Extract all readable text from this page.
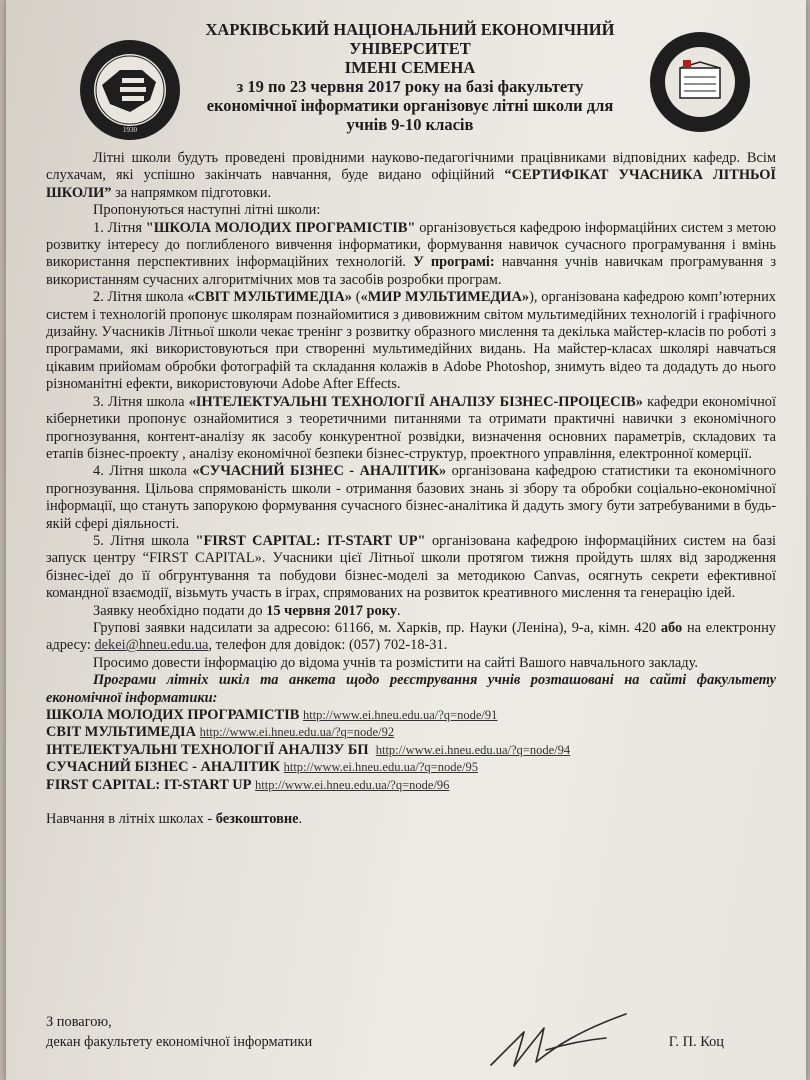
1930
ХАРКІВСЬКИЙ НАЦІОНАЛЬНИЙ ЕКОНОМІЧНИЙ
УНІВЕРСИТЕТ
ІМЕНІ СЕМЕНА
з 19 по 23 червня 2017 року на базі факультету
економічної інформатики організовує літні школи для
учнів 9-10 класів

Літні школи будуть проведені провідними науково-педагогічними працівниками відповідних кафедр. Всім слухачам, які успішно закінчать навчання, буде видано офіційний “СЕРТИФІКАТ УЧАСНИКА ЛІТНЬОЇ ШКОЛИ” за напрямком підготовки.

Пропонуються наступні літні школи:

1. Літня "ШКОЛА МОЛОДИХ ПРОГРАМІСТІВ" організовується кафедрою інформаційних систем з метою розвитку інтересу до поглибленого вивчення інформатики, формування навичок сучасного програмування і вмінь використання перспективних інформаційних технологій. У програмі: навчання учнів навичкам програмування з використанням сучасних алгоритмічних мов та засобів розробки програм.

2. Літня школа «СВІТ МУЛЬТИМЕДІА» («МИР МУЛЬТИМЕДИА»), організована кафедрою комп’ютерних систем і технологій пропонує школярам познайомитися з дивовижним світом мультимедійних технологій і графічного дизайну. Учасників Літньої школи чекає тренінг з розвитку образного мислення та декілька майстер-класів по роботі з програмами, які використовуються при створенні мультимедійних видань. На майстер-класах школярі навчаться цікавим прийомам обробки фотографій та складання колажів в Adobe Photoshop, знимуть відео та додадуть до нього різноманітні ефекти, використовуючи Adobe After Effects.

3. Літня школа «ІНТЕЛЕКТУАЛЬНІ ТЕХНОЛОГІЇ АНАЛІЗУ БІЗНЕС-ПРОЦЕСІВ» кафедри економічної кібернетики пропонує ознайомитися з теоретичними питаннями та отримати практичні навички з економічного прогнозування, контент-аналізу як засобу конкурентної розвідки, визначення основних параметрів, складових та етапів бізнес-проекту , аналізу економічної безпеки бізнес-структур, проектного управління, електронної комерції.

4. Літня школа «СУЧАСНИЙ БІЗНЕС - АНАЛІТИК» організована кафедрою статистики та економічного прогнозування. Цільова спрямованість школи - отримання базових знань зі збору та обробки соціально-економічної інформації, що стануть запорукою формування сучасного бізнес-аналітика й дадуть змогу бути затребуваними в будь-якій сфері діяльності.

5. Літня школа "FIRST CAPITAL: IT-START UP" організована кафедрою інформаційних систем на базі запуск центру “FIRST CAPITAL». Учасники цієї Літньої школи протягом тижня пройдуть шлях від зародження бізнес-ідеї до її обгрунтування та побудови бізнес-моделі за методикою Canvas, осягнуть секрети ефективної командної взаємодії, візьмуть участь в іграх, спрямованих на розвиток креативного мислення та генерацію ідей.

Заявку необхідно подати до 15 червня 2017 року.

Групові заявки надсилати за адресою: 61166, м. Харків, пр. Науки (Леніна), 9-а, кімн. 420 або на електронну адресу: dekei@hneu.edu.ua, телефон для довідок: (057) 702-18-31.

Просимо довести інформацію до відома учнів та розмістити на сайті Вашого навчального закладу.

Програми літніх шкіл та анкета щодо реєстрування учнів розташовані на сайті факультету економічної інформатики:

ШКОЛА МОЛОДИХ ПРОГРАМІСТІВ http://www.ei.hneu.edu.ua/?q=node/91
СВІТ МУЛЬТИМЕДІА http://www.ei.hneu.edu.ua/?q=node/92
ІНТЕЛЕКТУАЛЬНІ ТЕХНОЛОГІЇ АНАЛІЗУ БП http://www.ei.hneu.edu.ua/?q=node/94
СУЧАСНИЙ БІЗНЕС - АНАЛІТИК http://www.ei.hneu.edu.ua/?q=node/95
FIRST CAPITAL: IT-START UP http://www.ei.hneu.edu.ua/?q=node/96

Навчання в літніх школах - безкоштовне.

З повагою,
декан факультету економічної інформатики	Г. П. Коц
